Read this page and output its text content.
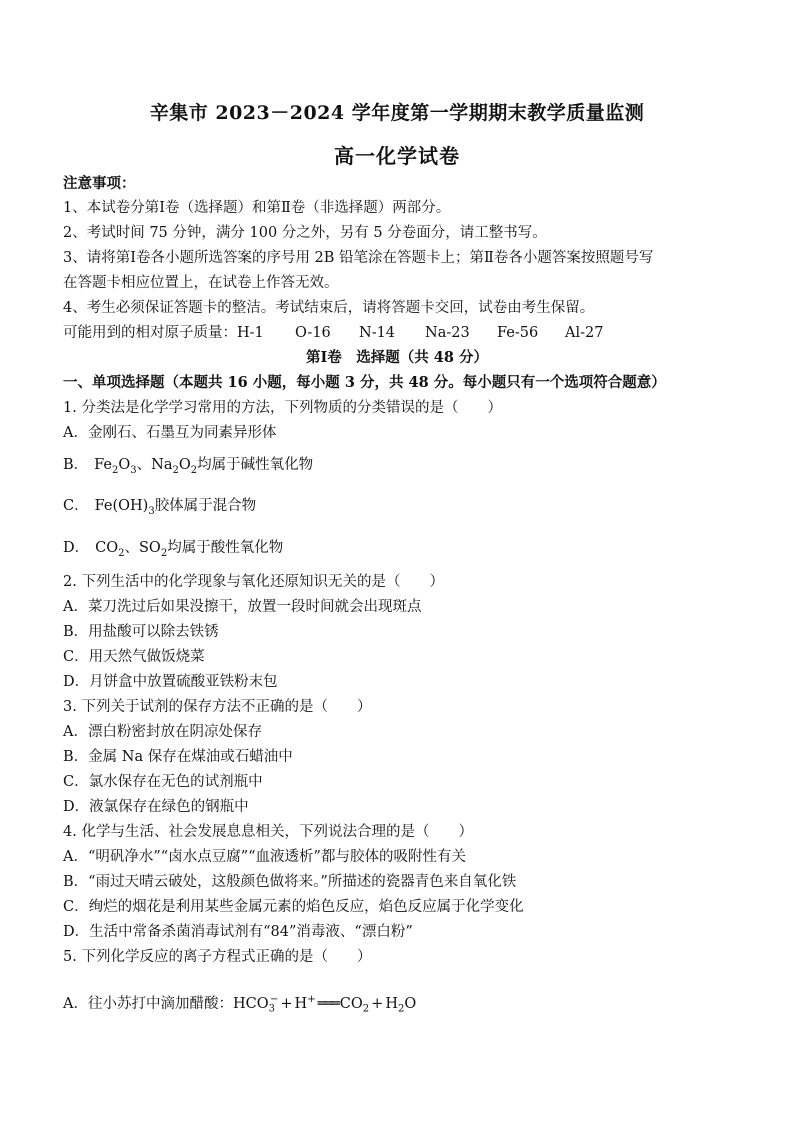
辛集市 2023－2024 学年度第一学期期末教学质量监测
高一化学试卷
注意事项：
1、本试卷分第Ⅰ卷（选择题）和第Ⅱ卷（非选择题）两部分。
2、考试时间 75 分钟，满分 100 分之外，另有 5 分卷面分，请工整书写。
3、请将第Ⅰ卷各小题所选答案的序号用 2B 铅笔涂在答题卡上；第Ⅱ卷各小题答案按照题号写
在答题卡相应位置上，在试卷上作答无效。
4、考生必须保证答题卡的整洁。考试结束后，请将答题卡交回，试卷由考生保留。
可能用到的相对原子质量：H-1 O-16 N-14 Na-23 Fe-56 Al-27
第Ⅰ卷　选择题（共 48 分）
一、单项选择题（本题共 16 小题，每小题 3 分，共 48 分。每小题只有一个选项符合题意）
1. 分类法是化学学习常用的方法，下列物质的分类错误的是（　　）
A．金刚石、石墨互为同素异形体
B． $Fe_2O_3$、$Na_2O_2$均属于碱性氧化物
C． $Fe(OH)_3$胶体属于混合物
D． $CO_2$、$SO_2$均属于酸性氧化物
2. 下列生活中的化学现象与氧化还原知识无关的是（　　）
A．菜刀洗过后如果没擦干，放置一段时间就会出现斑点
B．用盐酸可以除去铁锈
C．用天然气做饭烧菜
D．月饼盒中放置硫酸亚铁粉末包
3. 下列关于试剂的保存方法不正确的是（　　）
A．漂白粉密封放在阴凉处保存
B．金属 Na 保存在煤油或石蜡油中
C．氯水保存在无色的试剂瓶中
D．液氯保存在绿色的钢瓶中
4. 化学与生活、社会发展息息相关，下列说法合理的是（　　）
A．“明矾净水”“卤水点豆腐”“血液透析”都与胶体的吸附性有关
B．“雨过天晴云破处，这般颜色做将来。”所描述的瓷器青色来自氧化铁
C．绚烂的烟花是利用某些金属元素的焰色反应，焰色反应属于化学变化
D．生活中常备杀菌消毒试剂有“84”消毒液、“漂白粉”
5. 下列化学反应的离子方程式正确的是（　　）
A．往小苏打中滴加醋酸：$HCO_3^- + H^+$ ═══ $CO_2 + H_2O$
